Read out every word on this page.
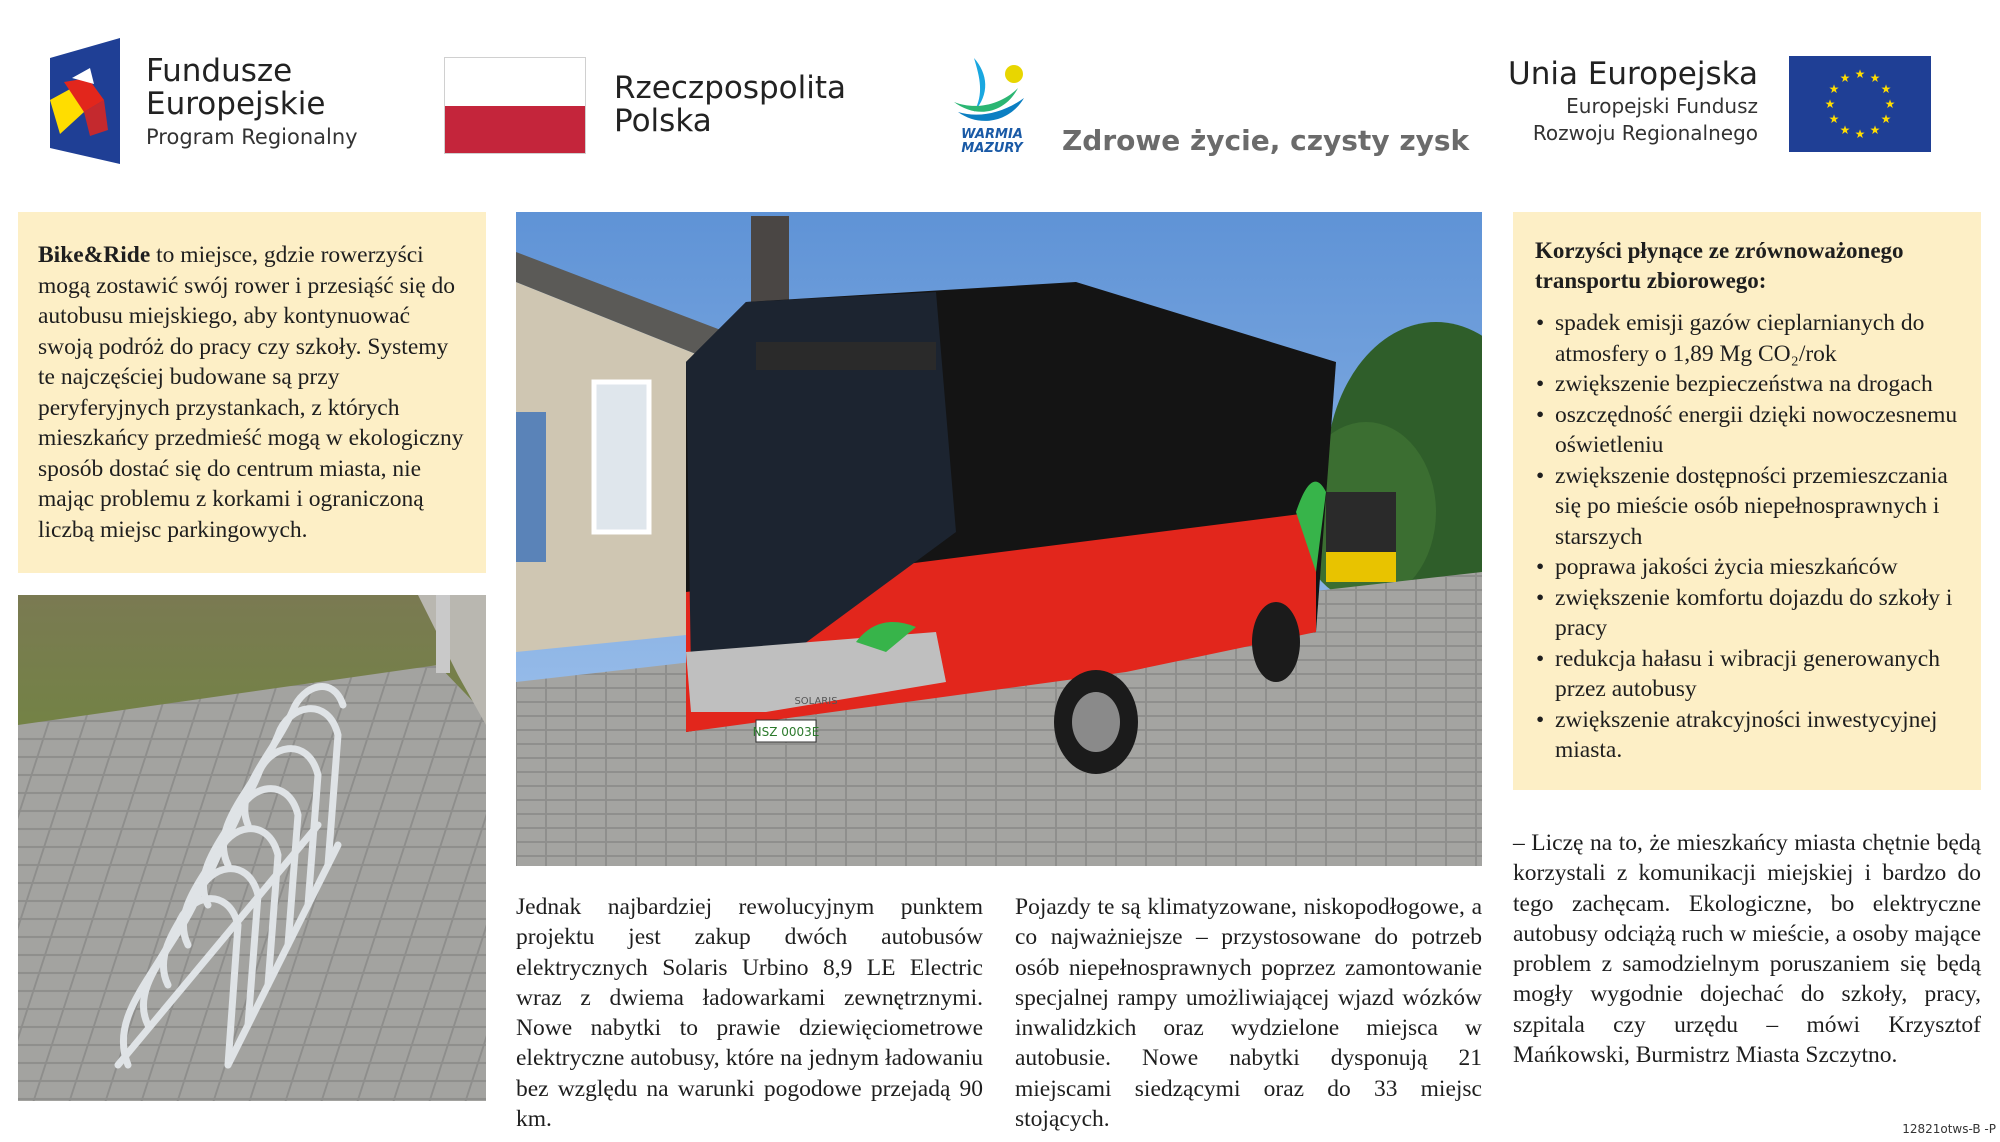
Fundusze
Europejskie
Program Regionalny
Rzeczpospolita
Polska	WARMIA
MAZURY Zdrowe życie, czysty zysk
Unia Europejska
Europejski Fundusz
Rozwoju Regionalnego
★ ★
★
★
★
★
★
★
★
★
★
★
Bike&Ride to miejsce, gdzie rowerzyści mogą zostawić swój rower i przesiąść się do autobusu miejskiego, aby kontynuować swoją podróż do pracy czy szkoły. Systemy te najczęściej budowane są przy peryferyjnych przystankach, z których mieszkańcy przedmieść mogą w ekologiczny sposób dostać się do centrum miasta, nie mając problemu z korkami i ograniczoną liczbą miejsc parkingowych.
NSZ 0003E
SOLARIS
Korzyści płynące ze zrównoważonego transportu zbiorowego:
• spadek emisji gazów cieplarnianych do atmosfery o 1,89 Mg CO₂/rok
• zwiększenie bezpieczeństwa na drogach
• oszczędność energii dzięki nowoczesnemu oświetleniu
• zwiększenie dostępności przemieszczania się po mieście osób niepełnosprawnych i starszych
• poprawa jakości życia mieszkańców
• zwiększenie komfortu dojazdu do szkoły i pracy
• redukcja hałasu i wibracji generowanych przez autobusy
• zwiększenie atrakcyjności inwestycyjnej miasta.
Jednak najbardziej rewolucyjnym punktem projektu jest zakup dwóch autobusów elektrycznych Solaris Urbino 8,9 LE Electric wraz z dwiema ładowarkami zewnętrznymi. Nowe nabytki to prawie dziewięciometrowe elektryczne autobusy, które na jednym ładowaniu bez względu na warunki pogodowe przejadą 90 km.
Pojazdy te są klimatyzowane, niskopodłogowe, a co najważniejsze – przystosowane do potrzeb osób niepełnosprawnych poprzez zamontowanie specjalnej rampy umożliwiającej wjazd wózków inwalidzkich oraz wydzielone miejsca w autobusie. Nowe nabytki dysponują 21 miejscami siedzącymi oraz do 33 miejsc stojących.
– Liczę na to, że mieszkańcy miasta chętnie będą korzystali z komunikacji miejskiej i bardzo do tego zachęcam. Ekologiczne, bo elektryczne autobusy odciążą ruch w mieście, a osoby mające problem z samodzielnym poruszaniem się będą mogły wygodnie dojechać do szkoły, pracy, szpitala czy urzędu – mówi Krzysztof Mańkowski, Burmistrz Miasta Szczytno.
12821otws-B -P
